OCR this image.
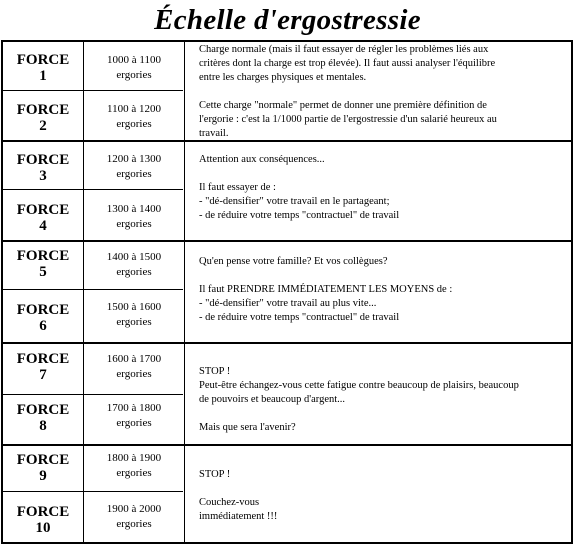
Échelle d'ergostressie
FORCE
1
1000 à 1100
ergories
FORCE
2
1100 à 1200
ergories
Charge normale (mais il faut essayer de régler les problèmes liés aux
critères dont la charge est trop élevée). Il faut aussi analyser l'équilibre
entre les charges physiques et mentales.

Cette charge "normale" permet de donner une première définition de
l'ergorie : c'est la 1/1000 partie de l'ergostressie d'un salarié heureux au
travail.
FORCE
3
1200 à 1300
ergories
FORCE
4
1300 à 1400
ergories
Attention aux conséquences...

Il faut essayer de :
- "dé-densifier" votre travail en le partageant;
- de réduire votre temps "contractuel" de travail
FORCE
5
1400 à 1500
ergories
FORCE
6
1500 à 1600
ergories
Qu'en pense votre famille? Et vos collègues?

Il faut PRENDRE IMMÉDIATEMENT LES MOYENS de :
- "dé-densifier" votre travail au plus vite...
- de réduire votre temps "contractuel" de travail
FORCE
7
1600 à 1700
ergories
FORCE
8
1700 à 1800
ergories
STOP !
Peut-être échangez-vous cette fatigue contre beaucoup de plaisirs, beaucoup
de pouvoirs et beaucoup d'argent...

Mais que sera l'avenir?
FORCE
9
1800 à 1900
ergories
FORCE
10
1900 à 2000
ergories
STOP !

Couchez-vous
immédiatement !!!
